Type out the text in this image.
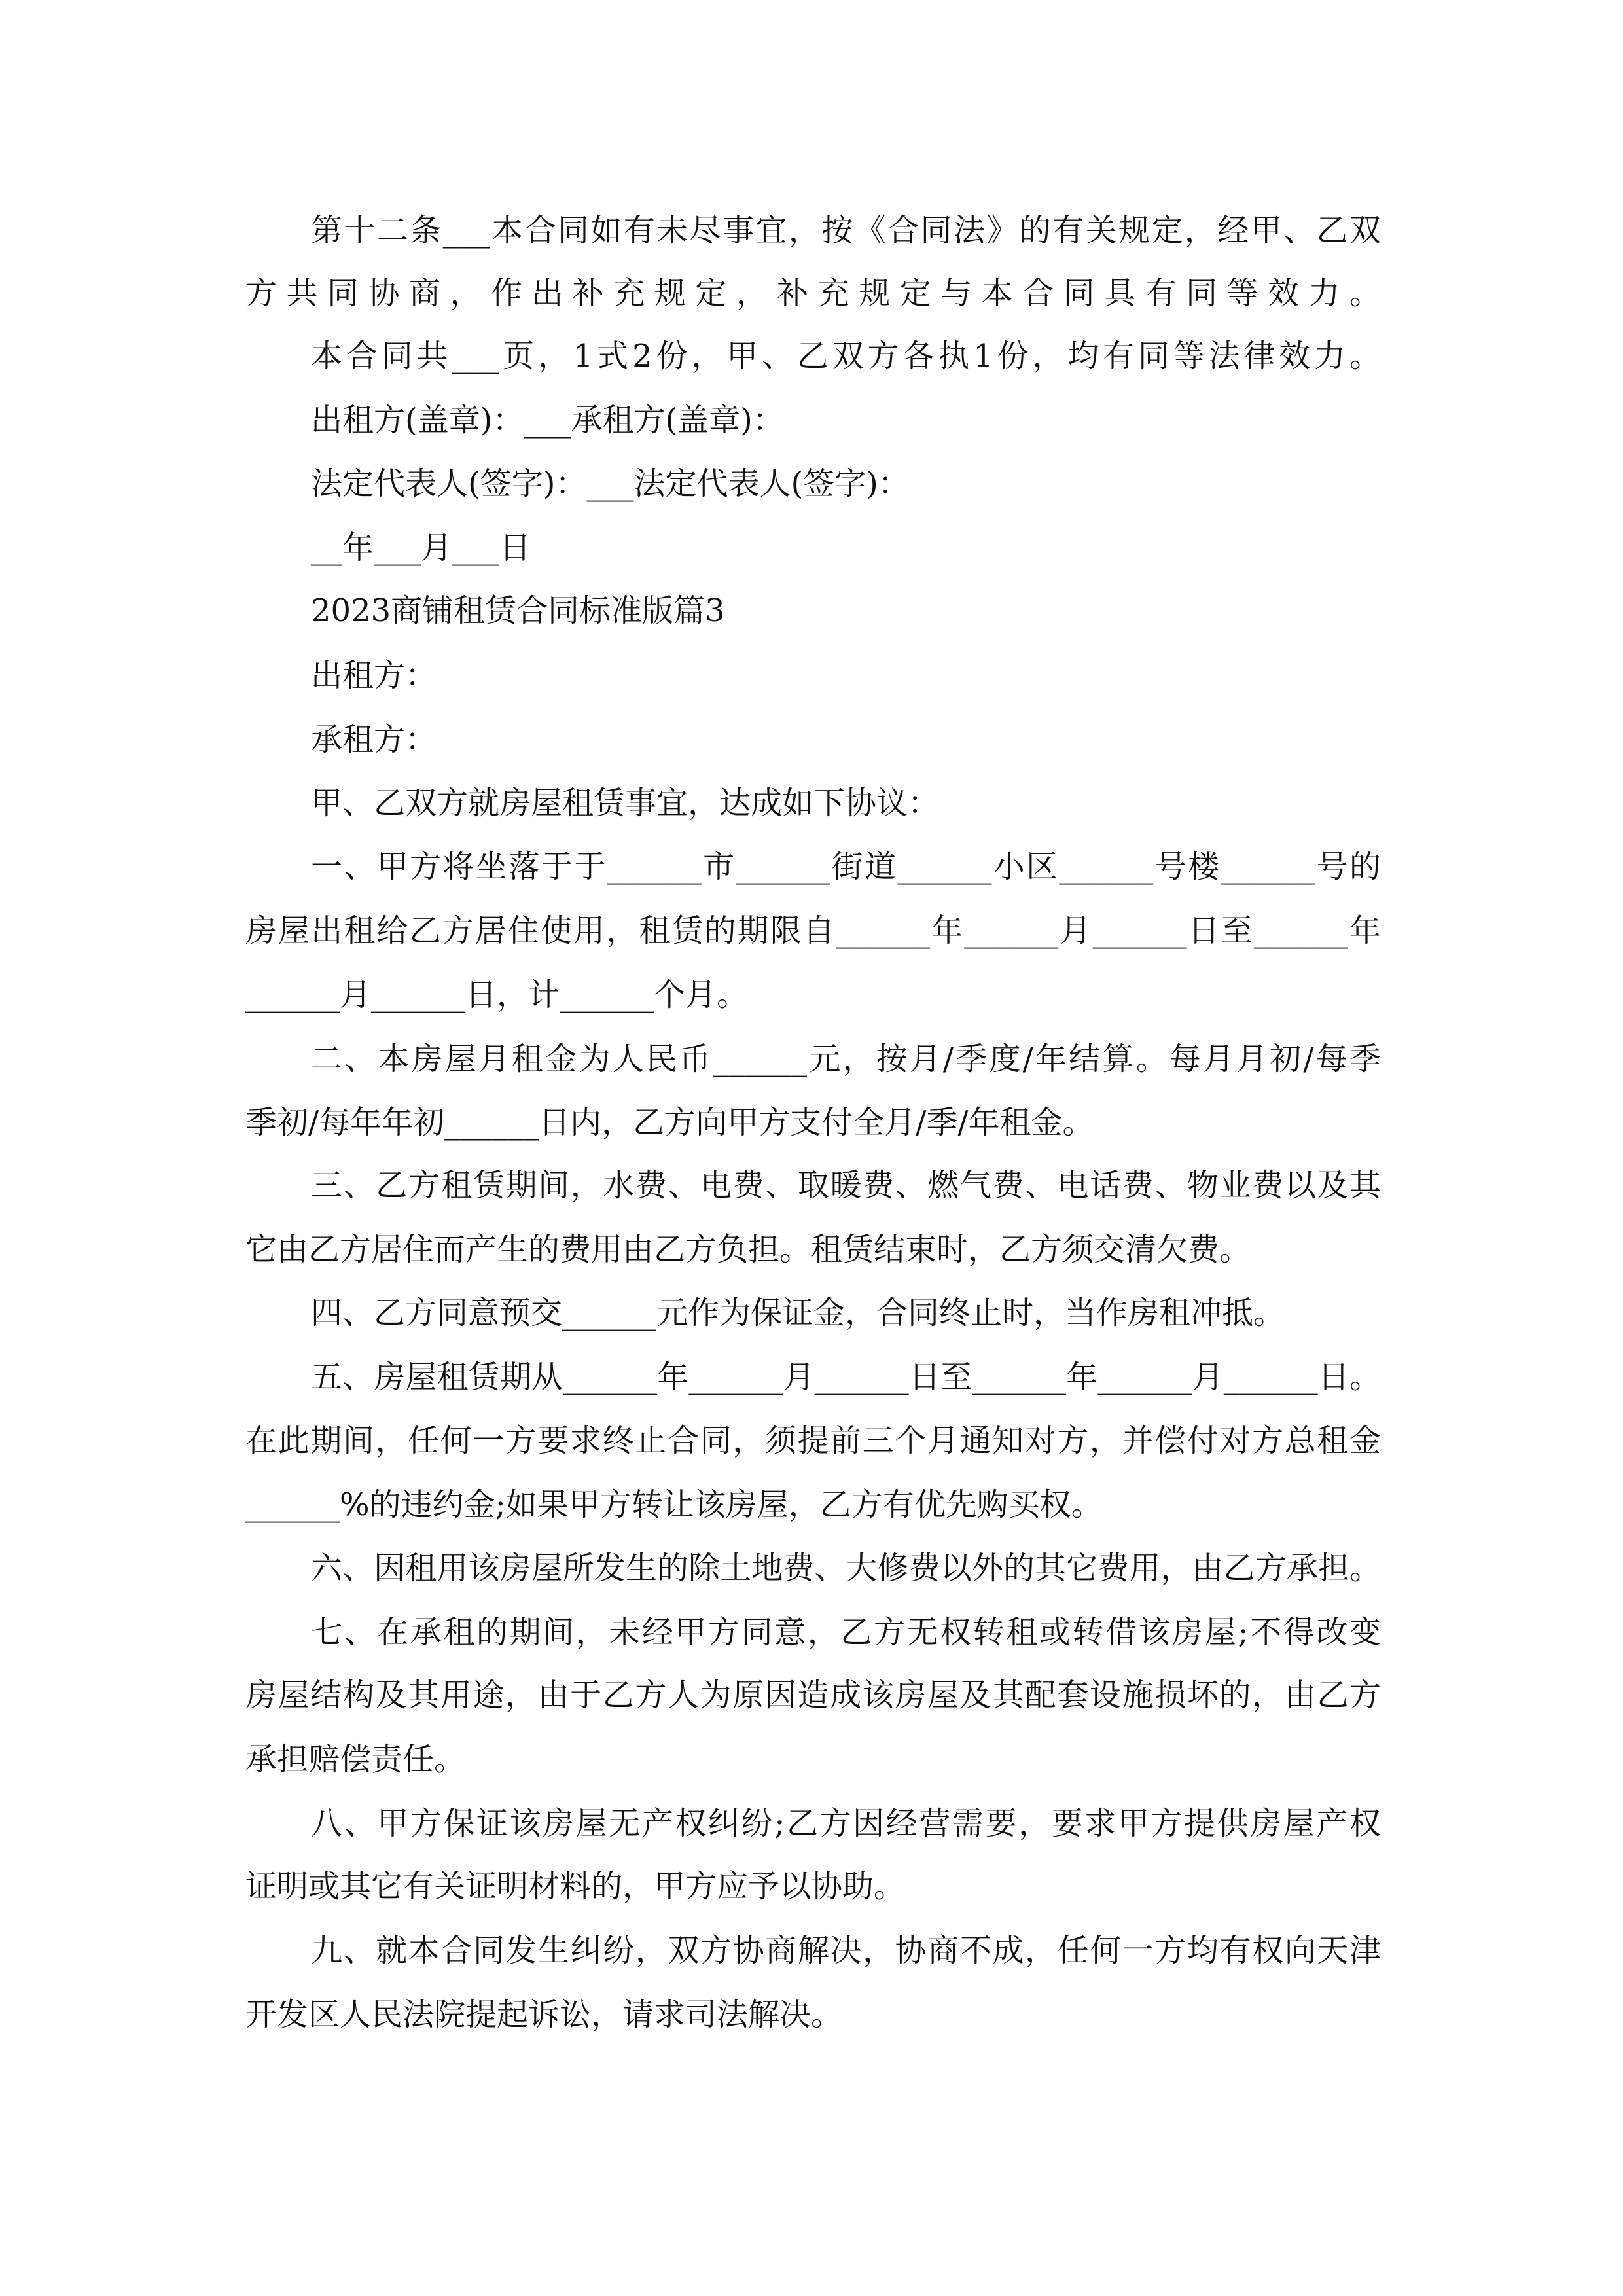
第十二条___本合同如有未尽事宜，按《合同法》的有关规定，经甲、乙双
方共同协商，作出补充规定，补充规定与本合同具有同等效力。
本合同共___页，1式2份，甲、乙双方各执1份，均有同等法律效力。
出租方(盖章)：___承租方(盖章)：
法定代表人(签字)：___法定代表人(签字)：
__年___月___日
2023商铺租赁合同标准版篇3
出租方：
承租方：
甲、乙双方就房屋租赁事宜，达成如下协议：
一、甲方将坐落于于______市______街道______小区______号楼______号的
房屋出租给乙方居住使用，租赁的期限自______年______月______日至______年
______月______日，计______个月。
二、本房屋月租金为人民币______元，按月/季度/年结算。每月月初/每季
季初/每年年初______日内，乙方向甲方支付全月/季/年租金。
三、乙方租赁期间，水费、电费、取暖费、燃气费、电话费、物业费以及其
它由乙方居住而产生的费用由乙方负担。租赁结束时，乙方须交清欠费。
四、乙方同意预交______元作为保证金，合同终止时，当作房租冲抵。
五、房屋租赁期从______年______月______日至______年______月______日。
在此期间，任何一方要求终止合同，须提前三个月通知对方，并偿付对方总租金
______%的违约金;如果甲方转让该房屋，乙方有优先购买权。
六、因租用该房屋所发生的除土地费、大修费以外的其它费用，由乙方承担。
七、在承租的期间，未经甲方同意，乙方无权转租或转借该房屋;不得改变
房屋结构及其用途，由于乙方人为原因造成该房屋及其配套设施损坏的，由乙方
承担赔偿责任。
八、甲方保证该房屋无产权纠纷;乙方因经营需要，要求甲方提供房屋产权
证明或其它有关证明材料的，甲方应予以协助。
九、就本合同发生纠纷，双方协商解决，协商不成，任何一方均有权向天津
开发区人民法院提起诉讼，请求司法解决。
